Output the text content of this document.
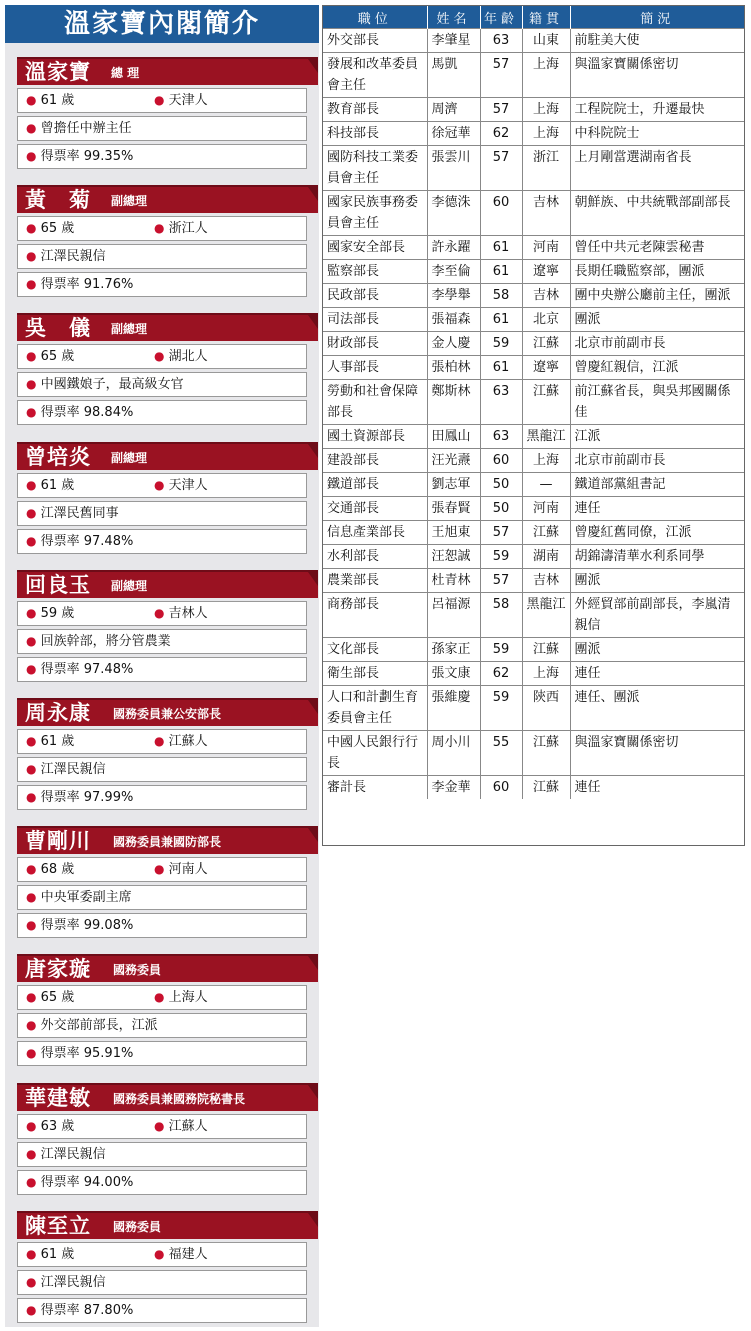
溫家寶內閣簡介
溫家寶 總 理
● 61 歲	● 天津人
● 曾擔任中辦主任
● 得票率 99.35%
黃　菊 副總理
● 65 歲	● 浙江人
● 江澤民親信
● 得票率 91.76%
吳　儀 副總理
● 65 歲	● 湖北人
● 中國鐵娘子，最高級女官
● 得票率 98.84%
曾培炎 副總理
● 61 歲	● 天津人
● 江澤民舊同事
● 得票率 97.48%
回良玉 副總理
● 59 歲	● 吉林人
● 回族幹部，將分管農業
● 得票率 97.48%
周永康 國務委員兼公安部長
● 61 歲	● 江蘇人
● 江澤民親信
● 得票率 97.99%
曹剛川 國務委員兼國防部長
● 68 歲	● 河南人
● 中央軍委副主席
● 得票率 99.08%
唐家璇 國務委員
● 65 歲	● 上海人
● 外交部前部長，江派
● 得票率 95.91%
華建敏 國務委員兼國務院秘書長
● 63 歲	● 江蘇人
● 江澤民親信
● 得票率 94.00%
陳至立 國務委員
● 61 歲	● 福建人
● 江澤民親信
● 得票率 87.80%
職位	姓名	年齡	籍貫	簡況
外交部長	李肇星	63	山東	前駐美大使
發展和改革委員會主任	馬凱	57	上海	與溫家寶關係密切
教育部長	周濟	57	上海	工程院院士，升遷最快
科技部長	徐冠華	62	上海	中科院院士
國防科技工業委員會主任	張雲川	57	浙江	上月剛當選湖南省長
國家民族事務委員會主任	李德洙	60	吉林	朝鮮族、中共統戰部副部長
國家安全部長	許永躍	61	河南	曾任中共元老陳雲秘書
監察部長	李至倫	61	遼寧	長期任職監察部，團派
民政部長	李學舉	58	吉林	團中央辦公廳前主任，團派
司法部長	張福森	61	北京	團派
財政部長	金人慶	59	江蘇	北京市前副市長
人事部長	張柏林	61	遼寧	曾慶紅親信，江派
勞動和社會保障部長	鄭斯林	63	江蘇	前江蘇省長，與吳邦國關係佳
國土資源部長	田鳳山	63	黑龍江	江派
建設部長	汪光燾	60	上海	北京市前副市長
鐵道部長	劉志軍	50	—	鐵道部黨組書記
交通部長	張春賢	50	河南	連任
信息產業部長	王旭東	57	江蘇	曾慶紅舊同僚，江派
水利部長	汪恕誠	59	湖南	胡錦濤清華水利系同學
農業部長	杜青林	57	吉林	團派
商務部長	呂福源	58	黑龍江	外經貿部前副部長，李嵐清親信
文化部長	孫家正	59	江蘇	團派
衛生部長	張文康	62	上海	連任
人口和計劃生育委員會主任	張維慶	59	陝西	連任、團派
中國人民銀行行長	周小川	55	江蘇	與溫家寶關係密切
審計長	李金華	60	江蘇	連任
